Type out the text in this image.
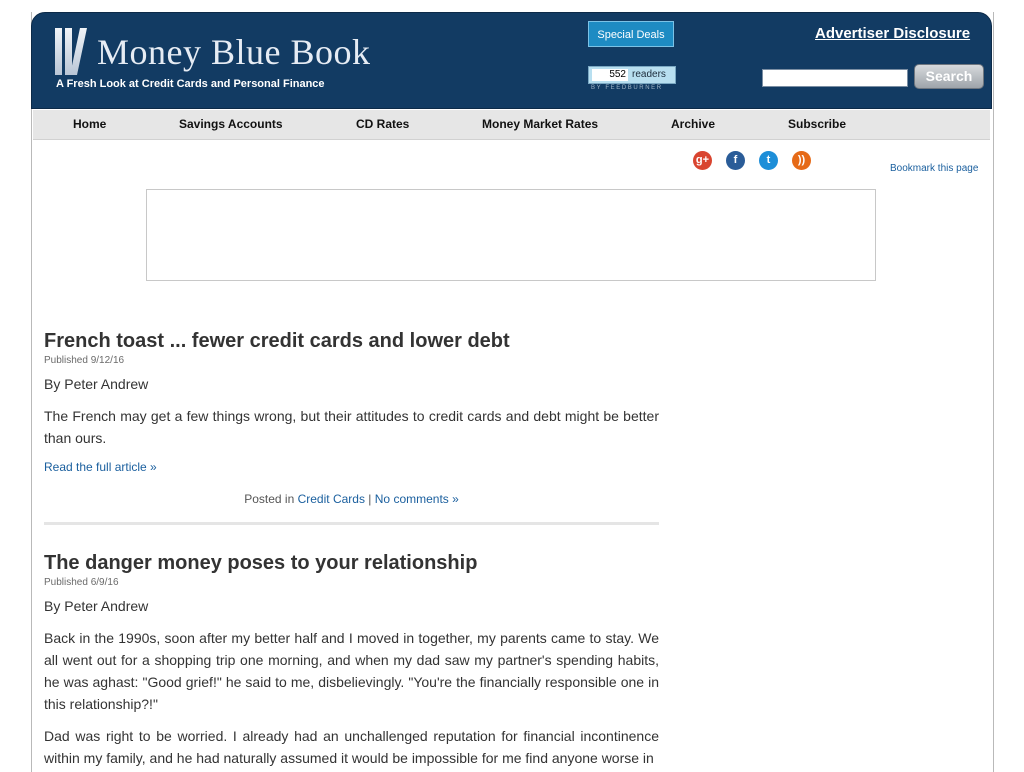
Money Blue Book
A Fresh Look at Credit Cards and Personal Finance
Special Deals
552 readers
BY FEEDBURNER
Advertiser Disclosure
Search
Home	Savings Accounts	CD Rates	Money Market Rates	Archive	Subscribe
g+	f	t	))
Bookmark this page
French toast ... fewer credit cards and lower debt
Published 9/12/16
By Peter Andrew

The French may get a few things wrong, but their attitudes to credit cards and debt might be better than ours.

Read the full article »
Posted in Credit Cards | No comments »
The danger money poses to your relationship
Published 6/9/16
By Peter Andrew

Back in the 1990s, soon after my better half and I moved in together, my parents came to stay. We all went out for a shopping trip one morning, and when my dad saw my partner's spending habits, he was aghast: "Good grief!" he said to me, disbelievingly. "You're the financially responsible one in this relationship?!"

Dad was right to be worried. I already had an unchallenged reputation for financial incontinence within my family, and he had naturally assumed it would be impossible for me find anyone worse in
